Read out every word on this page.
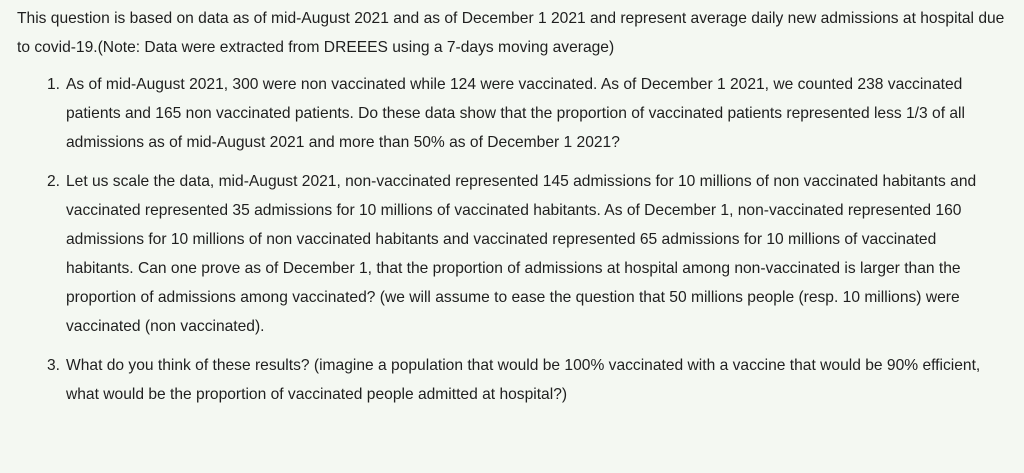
This question is based on data as of mid-August 2021 and as of December 1 2021 and represent average daily new admissions at hospital due to covid-19.(Note: Data were extracted from DREEES using a 7-days moving average)

1. As of mid-August 2021, 300 were non vaccinated while 124 were vaccinated. As of December 1 2021, we counted 238 vaccinated patients and 165 non vaccinated patients. Do these data show that the proportion of vaccinated patients represented less 1/3 of all admissions as of mid-August 2021 and more than 50% as of December 1 2021?
2. Let us scale the data, mid-August 2021, non-vaccinated represented 145 admissions for 10 millions of non vaccinated habitants and vaccinated represented 35 admissions for 10 millions of vaccinated habitants. As of December 1, non-vaccinated represented 160 admissions for 10 millions of non vaccinated habitants and vaccinated represented 65 admissions for 10 millions of vaccinated habitants. Can one prove as of December 1, that the proportion of admissions at hospital among non-vaccinated is larger than the proportion of admissions among vaccinated? (we will assume to ease the question that 50 millions people (resp. 10 millions) were vaccinated (non vaccinated).
3. What do you think of these results? (imagine a population that would be 100% vaccinated with a vaccine that would be 90% efficient, what would be the proportion of vaccinated people admitted at hospital?)
